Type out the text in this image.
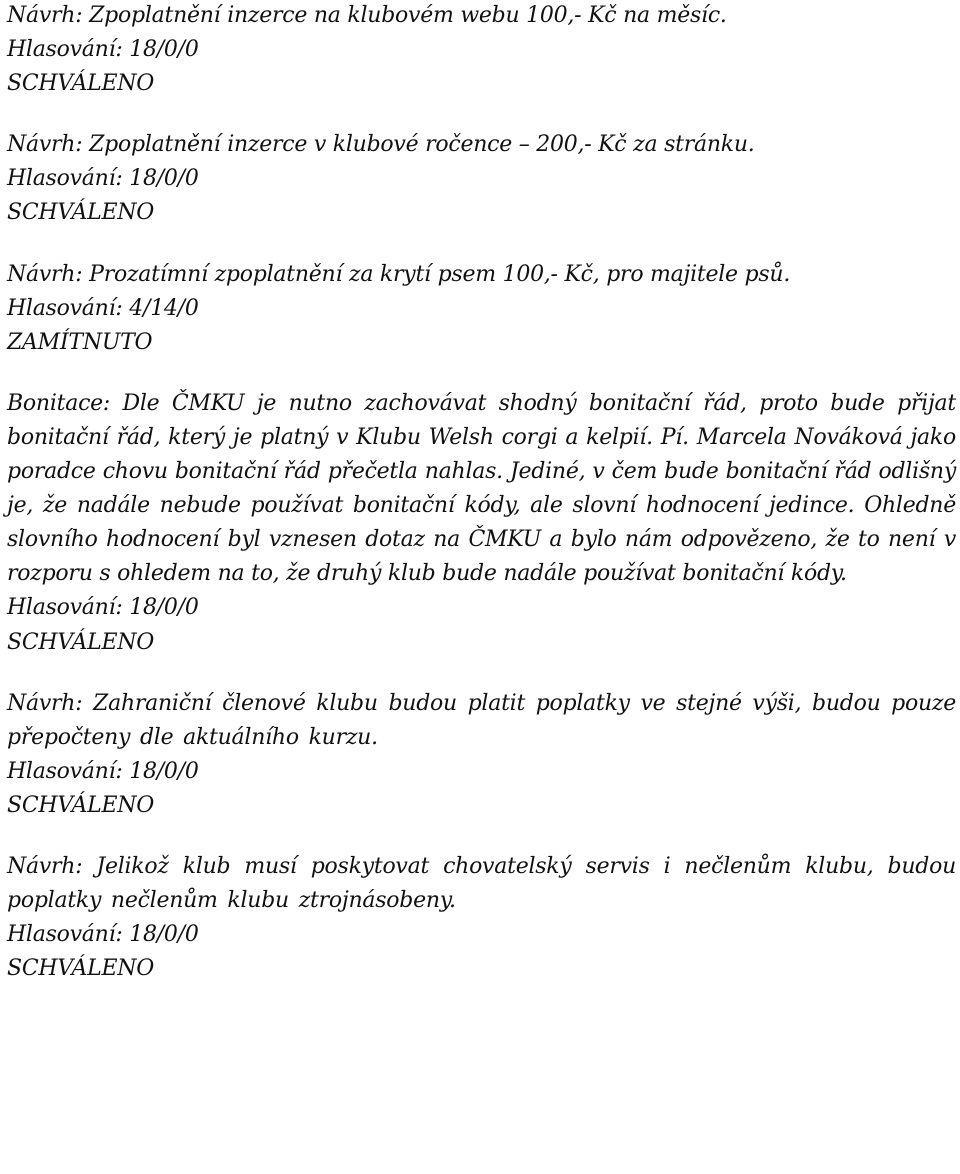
Návrh: Zpoplatnění inzerce na klubovém webu 100,- Kč na měsíc.
Hlasování: 18/0/0
SCHVÁLENO
Návrh: Zpoplatnění inzerce v klubové ročence – 200,- Kč za stránku.
Hlasování: 18/0/0
SCHVÁLENO
Návrh: Prozatímní zpoplatnění za krytí psem 100,- Kč, pro majitele psů.
Hlasování: 4/14/0
ZAMÍTNUTO
Bonitace: Dle ČMKU je nutno zachovávat shodný bonitační řád, proto bude přijat bonitační řád, který je platný v Klubu Welsh corgi a kelpií. Pí. Marcela Nováková jako poradce chovu bonitační řád přečetla nahlas. Jediné, v čem bude bonitační řád odlišný je, že nadále nebude používat bonitační kódy, ale slovní hodnocení jedince. Ohledně slovního hodnocení byl vznesen dotaz na ČMKU a bylo nám odpovězeno, že to není v rozporu s ohledem na to, že druhý klub bude nadále používat bonitační kódy.
Hlasování: 18/0/0
SCHVÁLENO
Návrh: Zahraniční členové klubu budou platit poplatky ve stejné výši, budou pouze přepočteny dle aktuálního kurzu.
Hlasování: 18/0/0
SCHVÁLENO
Návrh: Jelikož klub musí poskytovat chovatelský servis i nečlenům klubu, budou poplatky nečlenům klubu ztrojnásobeny.
Hlasování: 18/0/0
SCHVÁLENO
